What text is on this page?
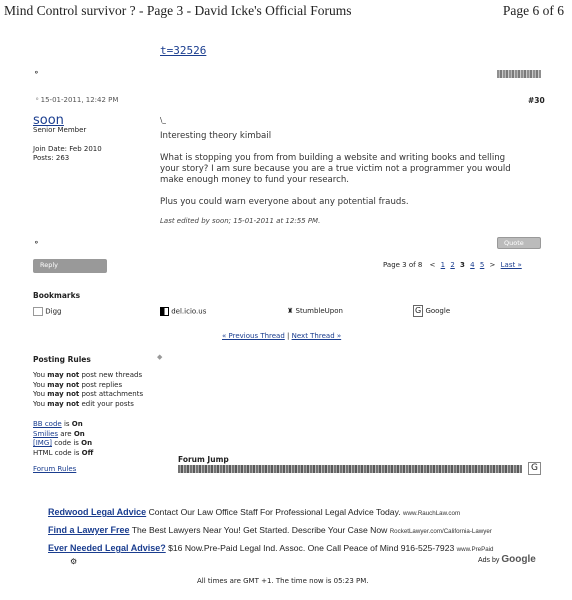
Mind Control survivor ? - Page 3 - David Icke's Official Forums	Page 6 of 6
t=32526
⚬
⁰ 15-01-2011, 12:42 PM	#30
soon
Senior Member
Join Date: Feb 2010
Posts: 263
\_
Interesting theory kimbail
What is stopping you from from building a website and writing books and telling your story? I am sure because you are a true victim not a programmer you would make enough money to fund your research.
Plus you could warn everyone about any potential frauds.
Last edited by soon; 15-01-2011 at 12:55 PM.
⚬	Quote
Reply	Page 3 of 8 < 1 2 3 4 5 > Last »
Bookmarks
Digg	del.icio.us	♜ StumbleUpon	G Google
« Previous Thread | Next Thread »
Posting Rules	◆
You may not post new threads
You may not post replies
You may not post attachments
You may not edit your posts
BB code is On
Smilies are On
[IMG] code is On
HTML code is Off
Forum Rules
Forum Jump
G
Redwood Legal Advice Contact Our Law Office Staff For Professional Legal Advice Today. www.RauchLaw.com
Find a Lawyer Free The Best Lawyers Near You! Get Started. Describe Your Case Now RocketLawyer.com/California-Lawyer
Ever Needed Legal Advise? $16 Now.Pre-Paid Legal Ind. Assoc. One Call Peace of Mind 916-525-7923 www.PrePaid
⚙	Ads by Google
All times are GMT +1. The time now is 05:23 PM.
